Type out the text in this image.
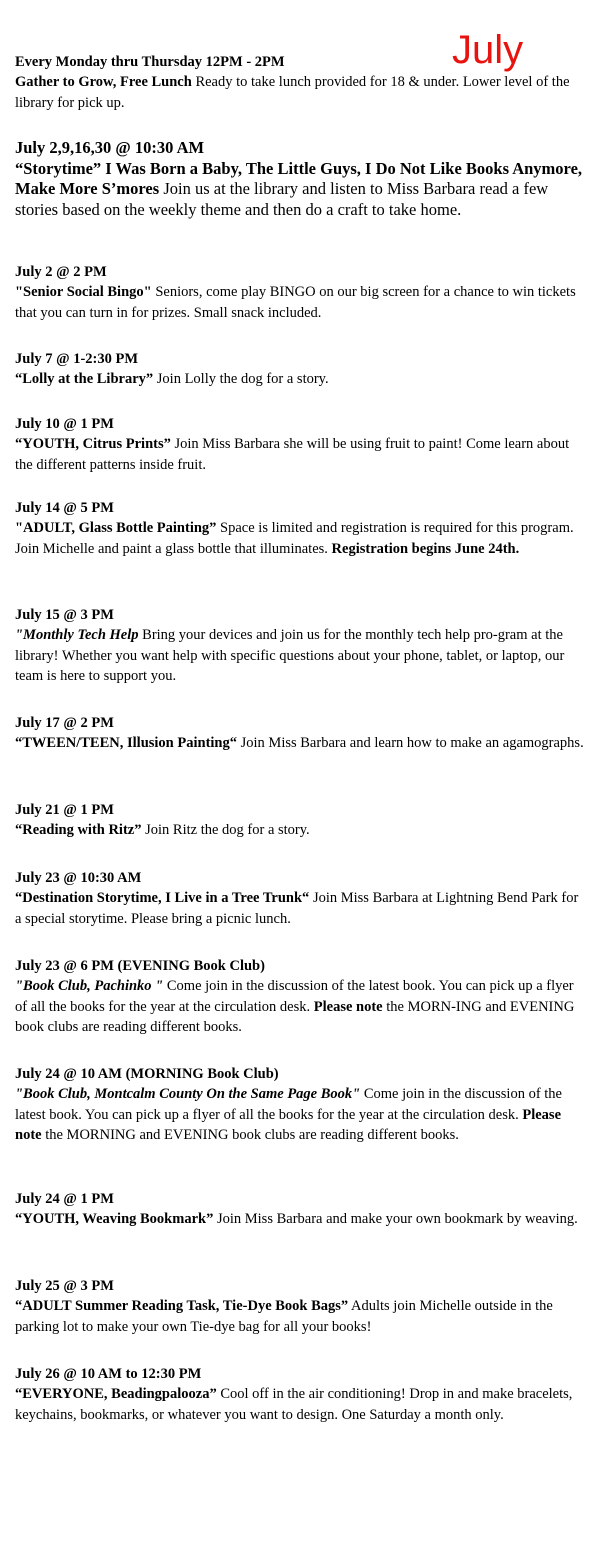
July
Every Monday thru Thursday 12PM - 2PM
Gather to Grow, Free Lunch Ready to take lunch provided for 18 & under. Lower level of the library for pick up.
July 2,9,16,30 @ 10:30 AM
“Storytime” I Was Born a Baby, The Little Guys, I Do Not Like Books Anymore, Make More S’mores Join us at the library and listen to Miss Barbara read a few stories based on the weekly theme and then do a craft to take home.
July 2 @ 2 PM
"Senior Social Bingo" Seniors, come play BINGO on our big screen for a chance to win tickets that you can turn in for prizes. Small snack included.
July 7 @ 1-2:30 PM
“Lolly at the Library” Join Lolly the dog for a story.
July 10 @ 1 PM
“YOUTH, Citrus Prints” Join Miss Barbara she will be using fruit to paint! Come learn about the different patterns inside fruit.
July 14 @ 5 PM
"ADULT, Glass Bottle Painting” Space is limited and registration is required for this program. Join Michelle and paint a glass bottle that illuminates. Registration begins June 24th.
July 15 @ 3 PM
"Monthly Tech Help Bring your devices and join us for the monthly tech help pro-gram at the library! Whether you want help with specific questions about your phone, tablet, or laptop, our team is here to support you.
July 17 @ 2 PM
“TWEEN/TEEN, Illusion Painting“ Join Miss Barbara and learn how to make an agamographs.
July 21 @ 1 PM
“Reading with Ritz” Join Ritz the dog for a story.
July 23 @ 10:30 AM
“Destination Storytime, I Live in a Tree Trunk“ Join Miss Barbara at Lightning Bend Park for a special storytime. Please bring a picnic lunch.
July 23 @ 6 PM (EVENING Book Club)
"Book Club, Pachinko " Come join in the discussion of the latest book. You can pick up a flyer of all the books for the year at the circulation desk. Please note the MORN-ING and EVENING book clubs are reading different books.
July 24 @ 10 AM (MORNING Book Club)
"Book Club, Montcalm County On the Same Page Book" Come join in the discussion of the latest book. You can pick up a flyer of all the books for the year at the circulation desk. Please note the MORNING and EVENING book clubs are reading different books.
July 24 @ 1 PM
“YOUTH, Weaving Bookmark” Join Miss Barbara and make your own bookmark by weaving.
July 25 @ 3 PM
“ADULT Summer Reading Task, Tie-Dye Book Bags” Adults join Michelle outside in the parking lot to make your own Tie-dye bag for all your books!
July 26 @ 10 AM to 12:30 PM
“EVERYONE, Beadingpalooza” Cool off in the air conditioning! Drop in and make bracelets, keychains, bookmarks, or whatever you want to design. One Saturday a month only.
